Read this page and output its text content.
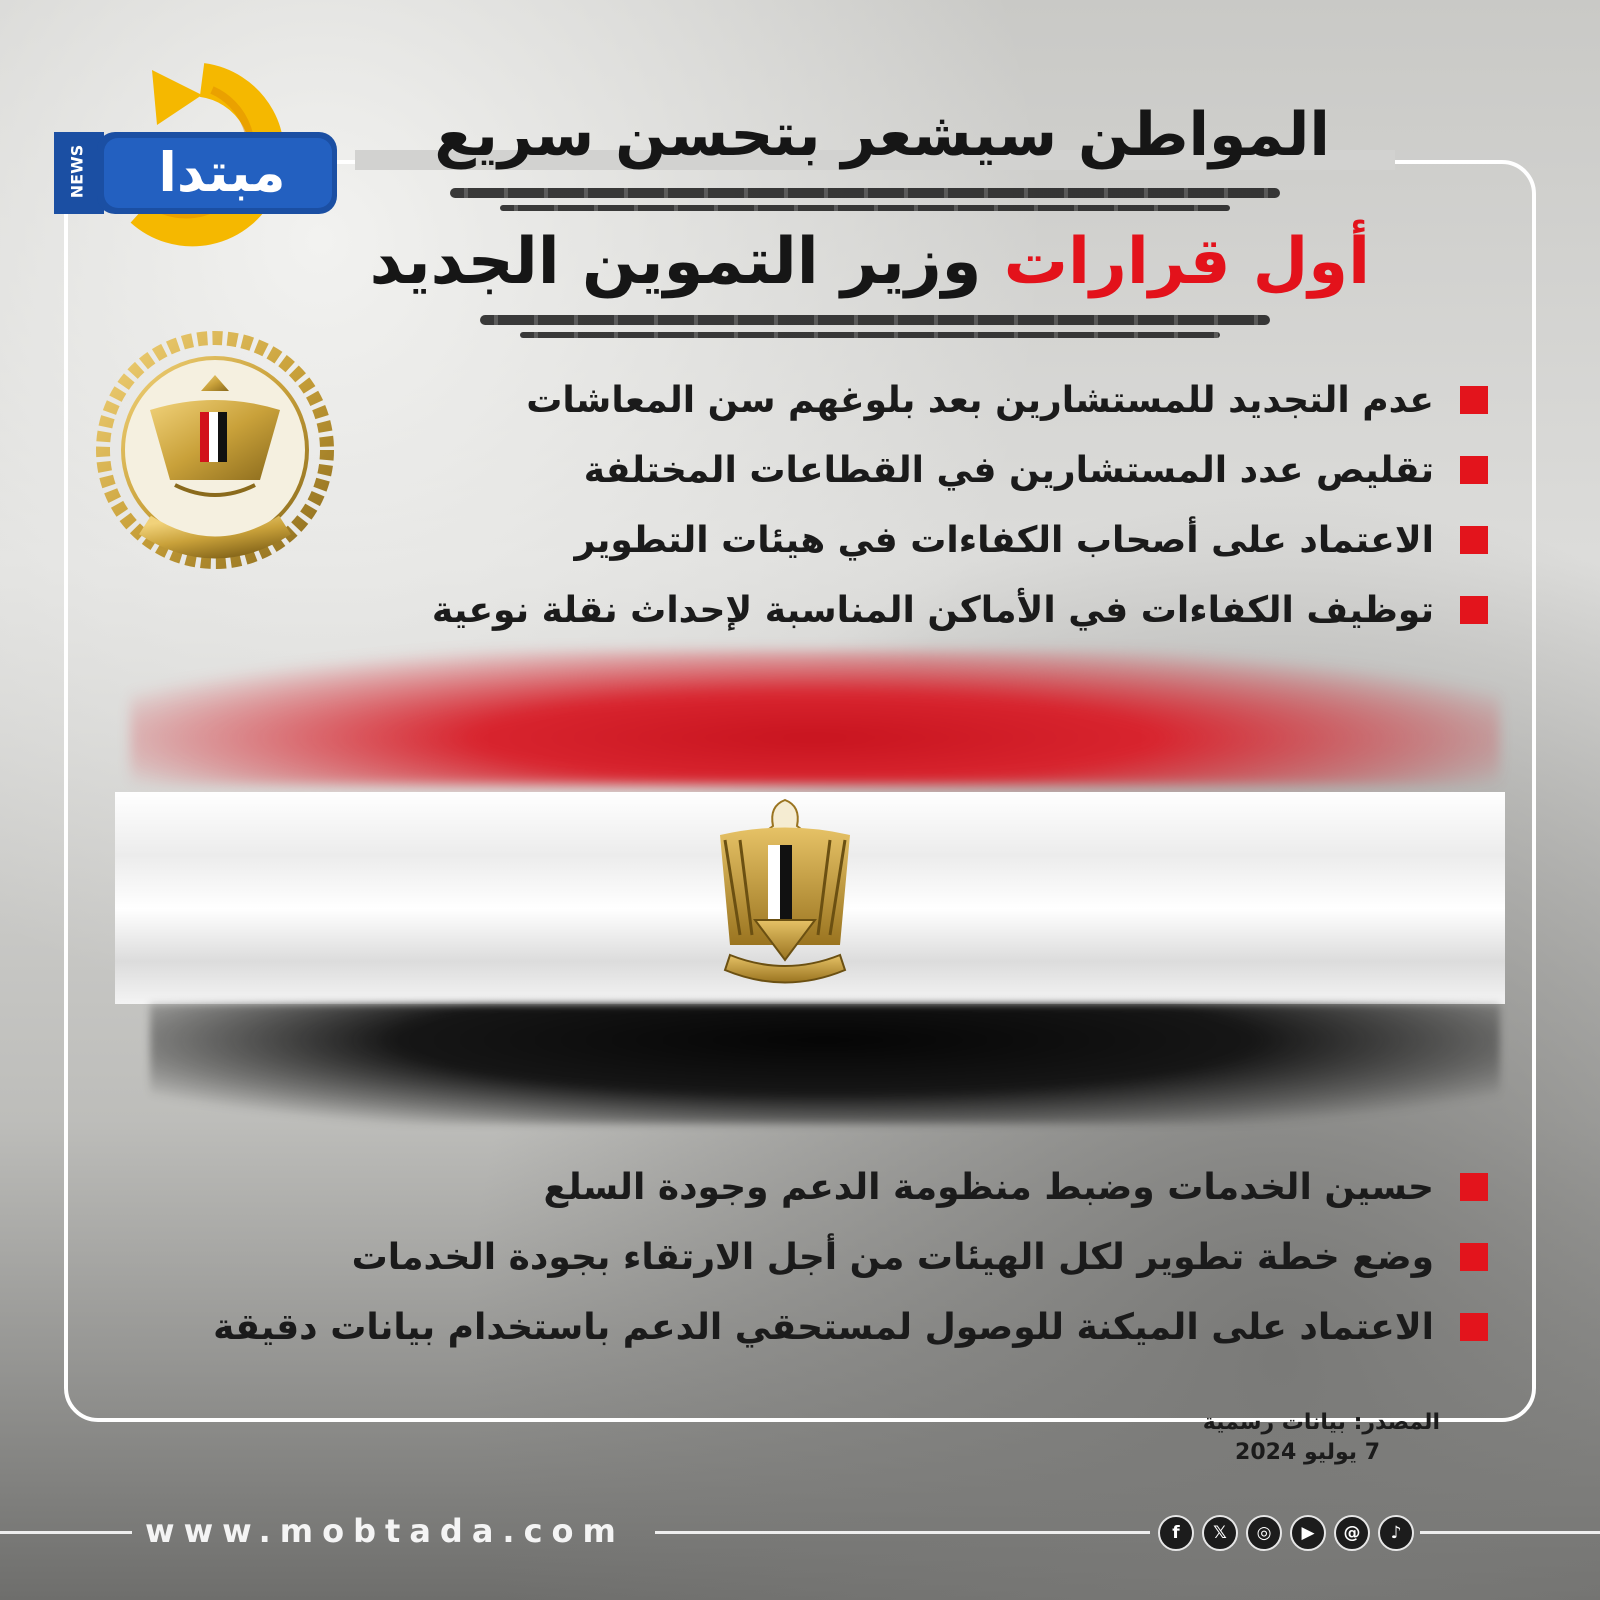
NEWS	مبتدا
المواطن سيشعر بتحسن سريع
أول قرارات وزير التموين الجديد
عدم التجديد للمستشارين بعد بلوغهم سن المعاشات
تقليص عدد المستشارين في القطاعات المختلفة
الاعتماد على أصحاب الكفاءات في هيئات التطوير
توظيف الكفاءات في الأماكن المناسبة لإحداث نقلة نوعية
حسين الخدمات وضبط منظومة الدعم وجودة السلع
وضع خطة تطوير لكل الهيئات من أجل الارتقاء بجودة الخدمات
الاعتماد على الميكنة للوصول لمستحقي الدعم باستخدام بيانات دقيقة
المصدر: بيانات رسمية
7 يوليو 2024
www.mobtada.com	f	𝕏	◎	▶	@	♪
